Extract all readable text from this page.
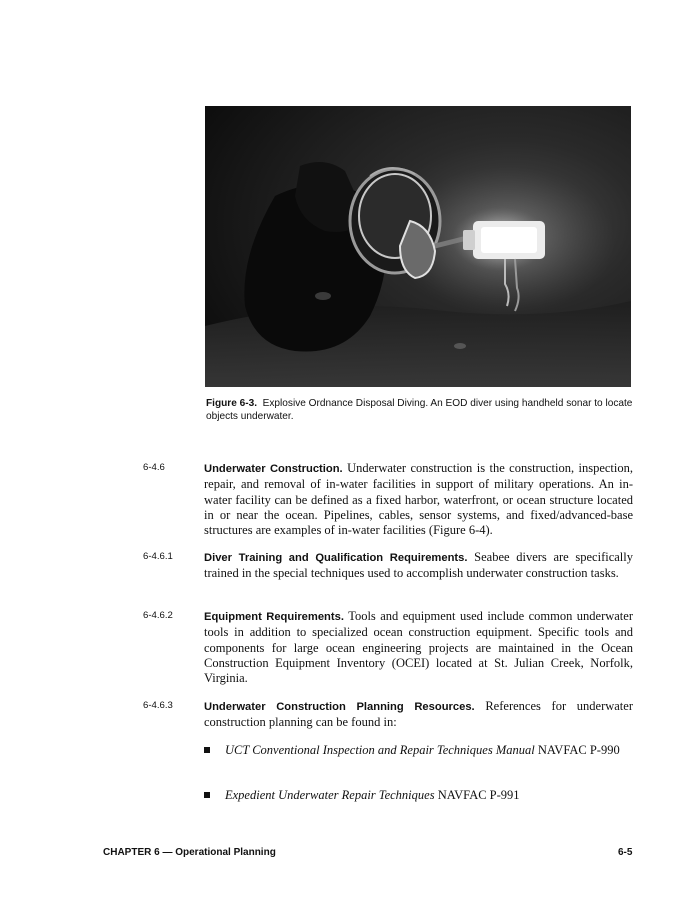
Figure 6-3. Explosive Ordnance Disposal Diving. An EOD diver using handheld sonar to locate objects underwater.
6-4.6	Underwater Construction. Underwater construction is the construction, inspection, repair, and removal of in-water facilities in support of military operations. An in-water facility can be defined as a fixed harbor, waterfront, or ocean structure located in or near the ocean. Pipelines, cables, sensor systems, and fixed/advanced-base structures are examples of in-water facilities (Figure 6-4).
6-4.6.1	Diver Training and Qualification Requirements. Seabee divers are specifically trained in the special techniques used to accomplish underwater construction tasks.
6-4.6.2	Equipment Requirements. Tools and equipment used include common underwater tools in addition to specialized ocean construction equipment. Specific tools and components for large ocean engineering projects are maintained in the Ocean Construction Equipment Inventory (OCEI) located at St. Julian Creek, Norfolk, Virginia.
6-4.6.3	Underwater Construction Planning Resources. References for underwater construction planning can be found in:
UCT Conventional Inspection and Repair Techniques Manual NAVFAC P-990
Expedient Underwater Repair Techniques NAVFAC P-991
CHAPTER 6 — Operational Planning	6-5
